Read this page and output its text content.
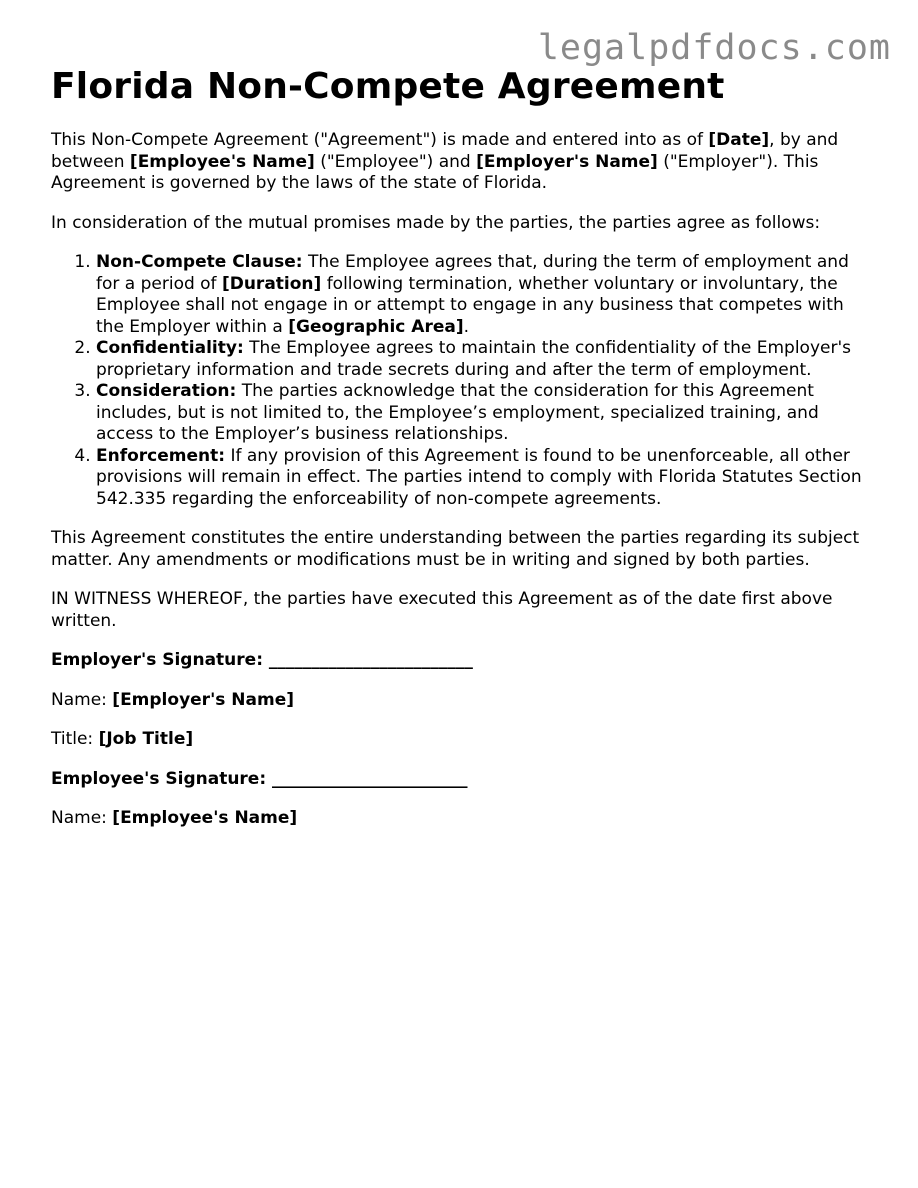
legalpdfdocs.com
Florida Non-Compete Agreement

This Non-Compete Agreement ("Agreement") is made and entered into as of [Date], by and between [Employee's Name] ("Employee") and [Employer's Name] ("Employer"). This Agreement is governed by the laws of the state of Florida.

In consideration of the mutual promises made by the parties, the parties agree as follows:

1. Non-Compete Clause: The Employee agrees that, during the term of employment and for a period of [Duration] following termination, whether voluntary or involuntary, the Employee shall not engage in or attempt to engage in any business that competes with the Employer within a [Geographic Area].
2. Confidentiality: The Employee agrees to maintain the confidentiality of the Employer's proprietary information and trade secrets during and after the term of employment.
3. Consideration: The parties acknowledge that the consideration for this Agreement includes, but is not limited to, the Employee’s employment, specialized training, and access to the Employer’s business relationships.
4. Enforcement: If any provision of this Agreement is found to be unenforceable, all other provisions will remain in effect. The parties intend to comply with Florida Statutes Section 542.335 regarding the enforceability of non-compete agreements.

This Agreement constitutes the entire understanding between the parties regarding its subject matter. Any amendments or modifications must be in writing and signed by both parties.

IN WITNESS WHEREOF, the parties have executed this Agreement as of the date first above written.

Employer's Signature: ________________________

Name: [Employer's Name]

Title: [Job Title]

Employee's Signature: _______________________

Name: [Employee's Name]
